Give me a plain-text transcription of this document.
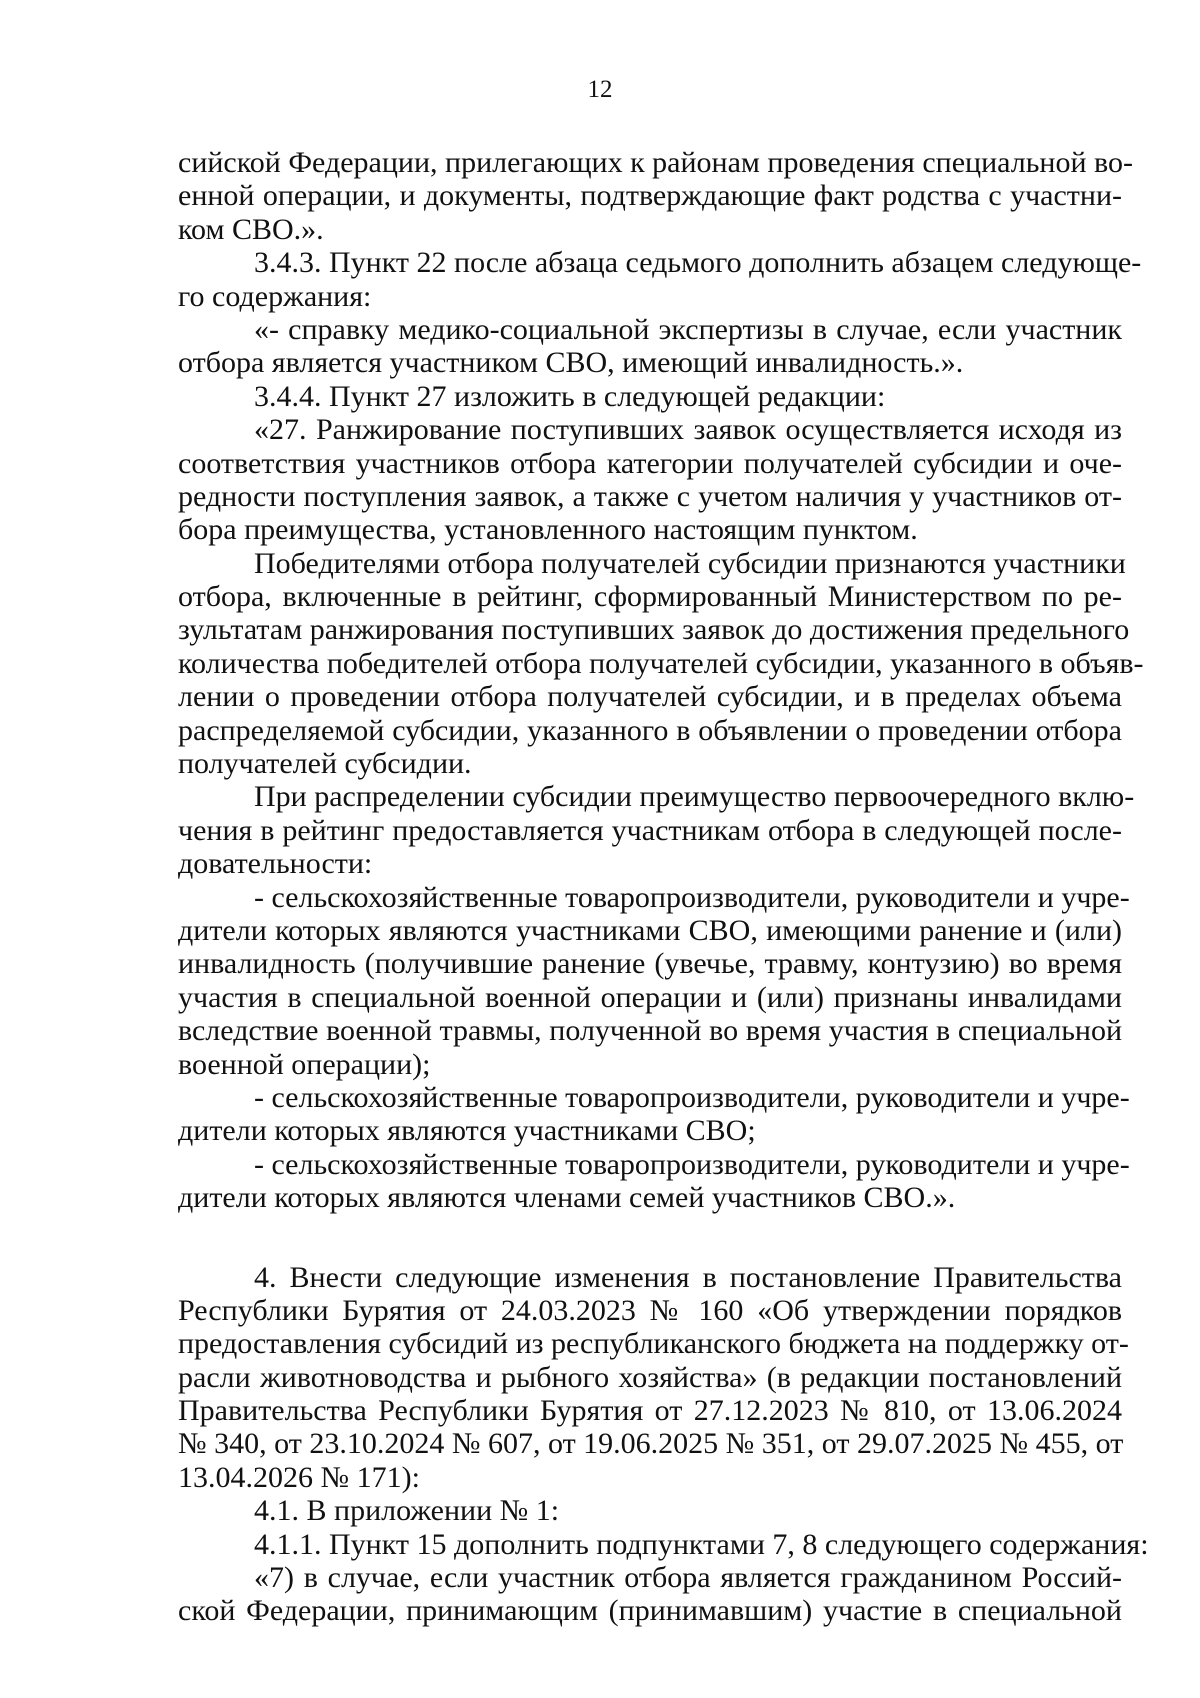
12
сийской Федерации, прилегающих к районам проведения специальной во-
енной операции, и документы, подтверждающие факт родства с участни-
ком СВО.».
3.4.3. Пункт 22 после абзаца седьмого дополнить абзацем следующе-
го содержания:
«- справку медико-социальной экспертизы в случае, если участник
отбора является участником СВО, имеющий инвалидность.».
3.4.4. Пункт 27 изложить в следующей редакции:
«27. Ранжирование поступивших заявок осуществляется исходя из
соответствия участников отбора категории получателей субсидии и оче-
редности поступления заявок, а также с учетом наличия у участников от-
бора преимущества, установленного настоящим пунктом.
Победителями отбора получателей субсидии признаются участники
отбора, включенные в рейтинг, сформированный Министерством по ре-
зультатам ранжирования поступивших заявок до достижения предельного
количества победителей отбора получателей субсидии, указанного в объяв-
лении о проведении отбора получателей субсидии, и в пределах объема
распределяемой субсидии, указанного в объявлении о проведении отбора
получателей субсидии.
При распределении субсидии преимущество первоочередного вклю-
чения в рейтинг предоставляется участникам отбора в следующей после-
довательности:
- сельскохозяйственные товаропроизводители, руководители и учре-
дители которых являются участниками СВО, имеющими ранение и (или)
инвалидность (получившие ранение (увечье, травму, контузию) во время
участия в специальной военной операции и (или) признаны инвалидами
вследствие военной травмы, полученной во время участия в специальной
военной операции);
- сельскохозяйственные товаропроизводители, руководители и учре-
дители которых являются участниками СВО;
- сельскохозяйственные товаропроизводители, руководители и учре-
дители которых являются членами семей участников СВО.».
4. Внести следующие изменения в постановление Правительства
Республики Бурятия от 24.03.2023 № 160 «Об утверждении порядков
предоставления субсидий из республиканского бюджета на поддержку от-
расли животноводства и рыбного хозяйства» (в редакции постановлений
Правительства Республики Бурятия от 27.12.2023 № 810, от 13.06.2024
№ 340, от 23.10.2024 № 607, от 19.06.2025 № 351, от 29.07.2025 № 455, от
13.04.2026 № 171):
4.1. В приложении № 1:
4.1.1. Пункт 15 дополнить подпунктами 7, 8 следующего содержания:
«7) в случае, если участник отбора является гражданином Россий-
ской Федерации, принимающим (принимавшим) участие в специальной
